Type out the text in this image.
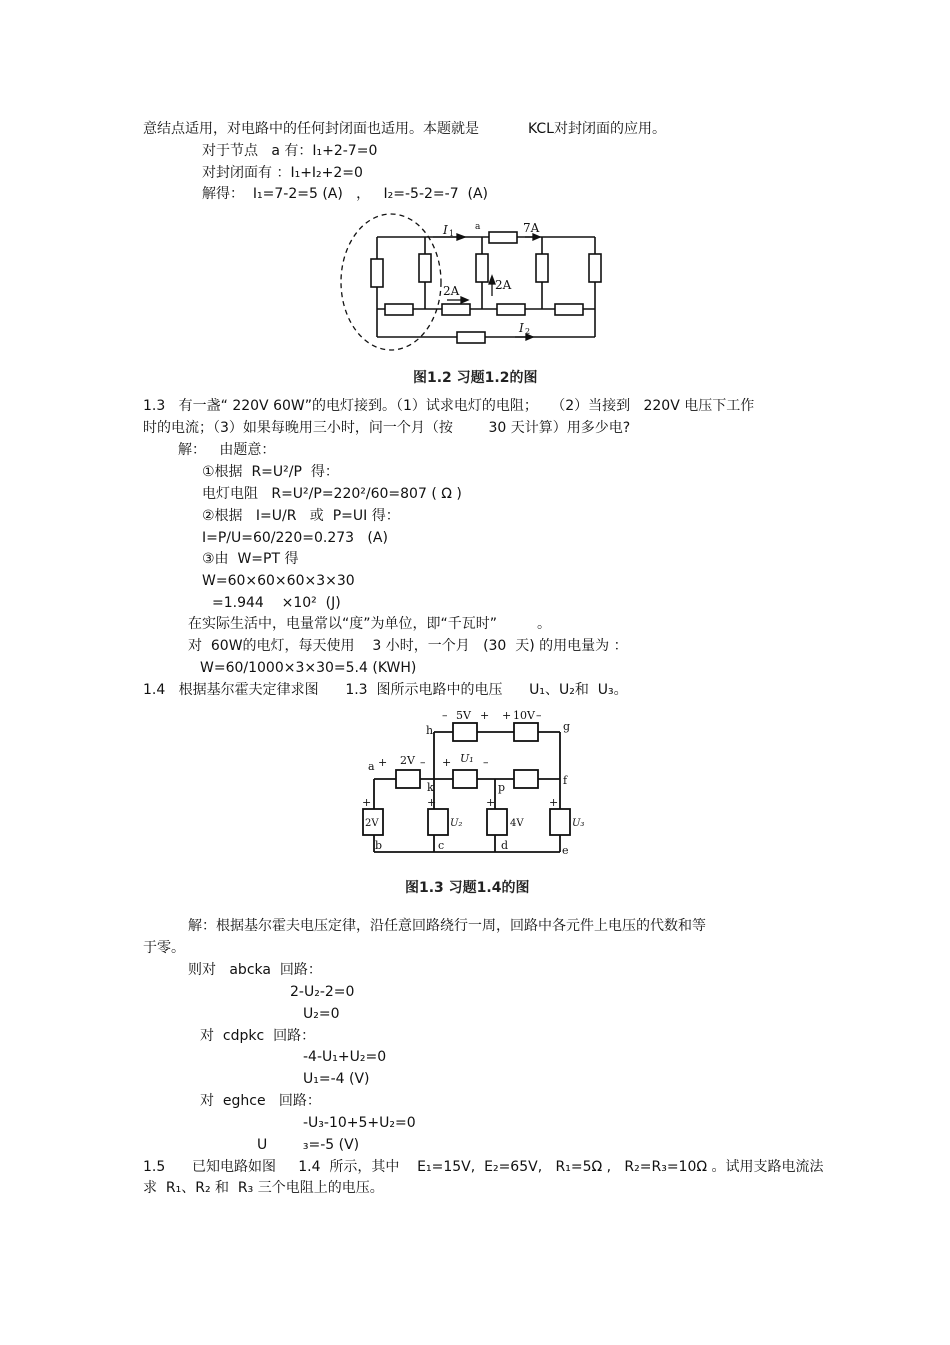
意结点适用，对电路中的任何封闭面也适用。本题就是           KCL对封闭面的应用。
对于节点   a 有：I₁+2-7=0
对封闭面有 ：I₁+I₂+2=0
解得：  I₁=7-2=5 (A)   ，   I₂=-5-2=-7  (A)
I 1
a	7A
2A	2A
I 2
图1.2 习题1.2的图
1.3   有一盏“ 220V 60W”的电灯接到。（1）试求电灯的电阻；   （2）当接到   220V 电压下工作
时的电流；（3）如果每晚用三小时，问一个月（按        30 天计算）用多少电?
解：   由题意：
①根据  R=U²/P  得：
电灯电阻   R=U²/P=220²/60=807 ( Ω )
②根据   I=U/R   或  P=UI 得：
I=P/U=60/220=0.273   (A)
③由  W=PT 得
W=60×60×60×3×30
=1.944    ×10²  (J)
在实际生活中，电量常以“度”为单位，即“千瓦时”         。
对  60W的电灯，每天使用    3 小时，一个月   (30  天) 的用电量为 ：
W=60/1000×3×30=5.4 (KWH)
1.4   根据基尔霍夫定律求图      1.3  图所示电路中的电压      U₁、U₂和  U₃。
h	g
a
f
k	p
b	c	d	e
– 5V + + 10V –
+ 2V – + U₁ –
+
2V
+
U₂
+
4V
+
U₃
图1.3 习题1.4的图
解：根据基尔霍夫电压定律，沿任意回路绕行一周，回路中各元件上电压的代数和等
于零。
则对   abcka  回路：
2-U₂-2=0
U₂=0
对  cdpkc  回路：
-4-U₁+U₂=0
U₁=-4 (V)
对  eghce   回路：
-U₃-10+5+U₂=0
U        ₃=-5 (V)
1.5      已知电路如图     1.4  所示，其中    E₁=15V,  E₂=65V,   R₁=5Ω ,   R₂=R₃=10Ω 。试用支路电流法
求  R₁、R₂ 和  R₃ 三个电阻上的电压。
